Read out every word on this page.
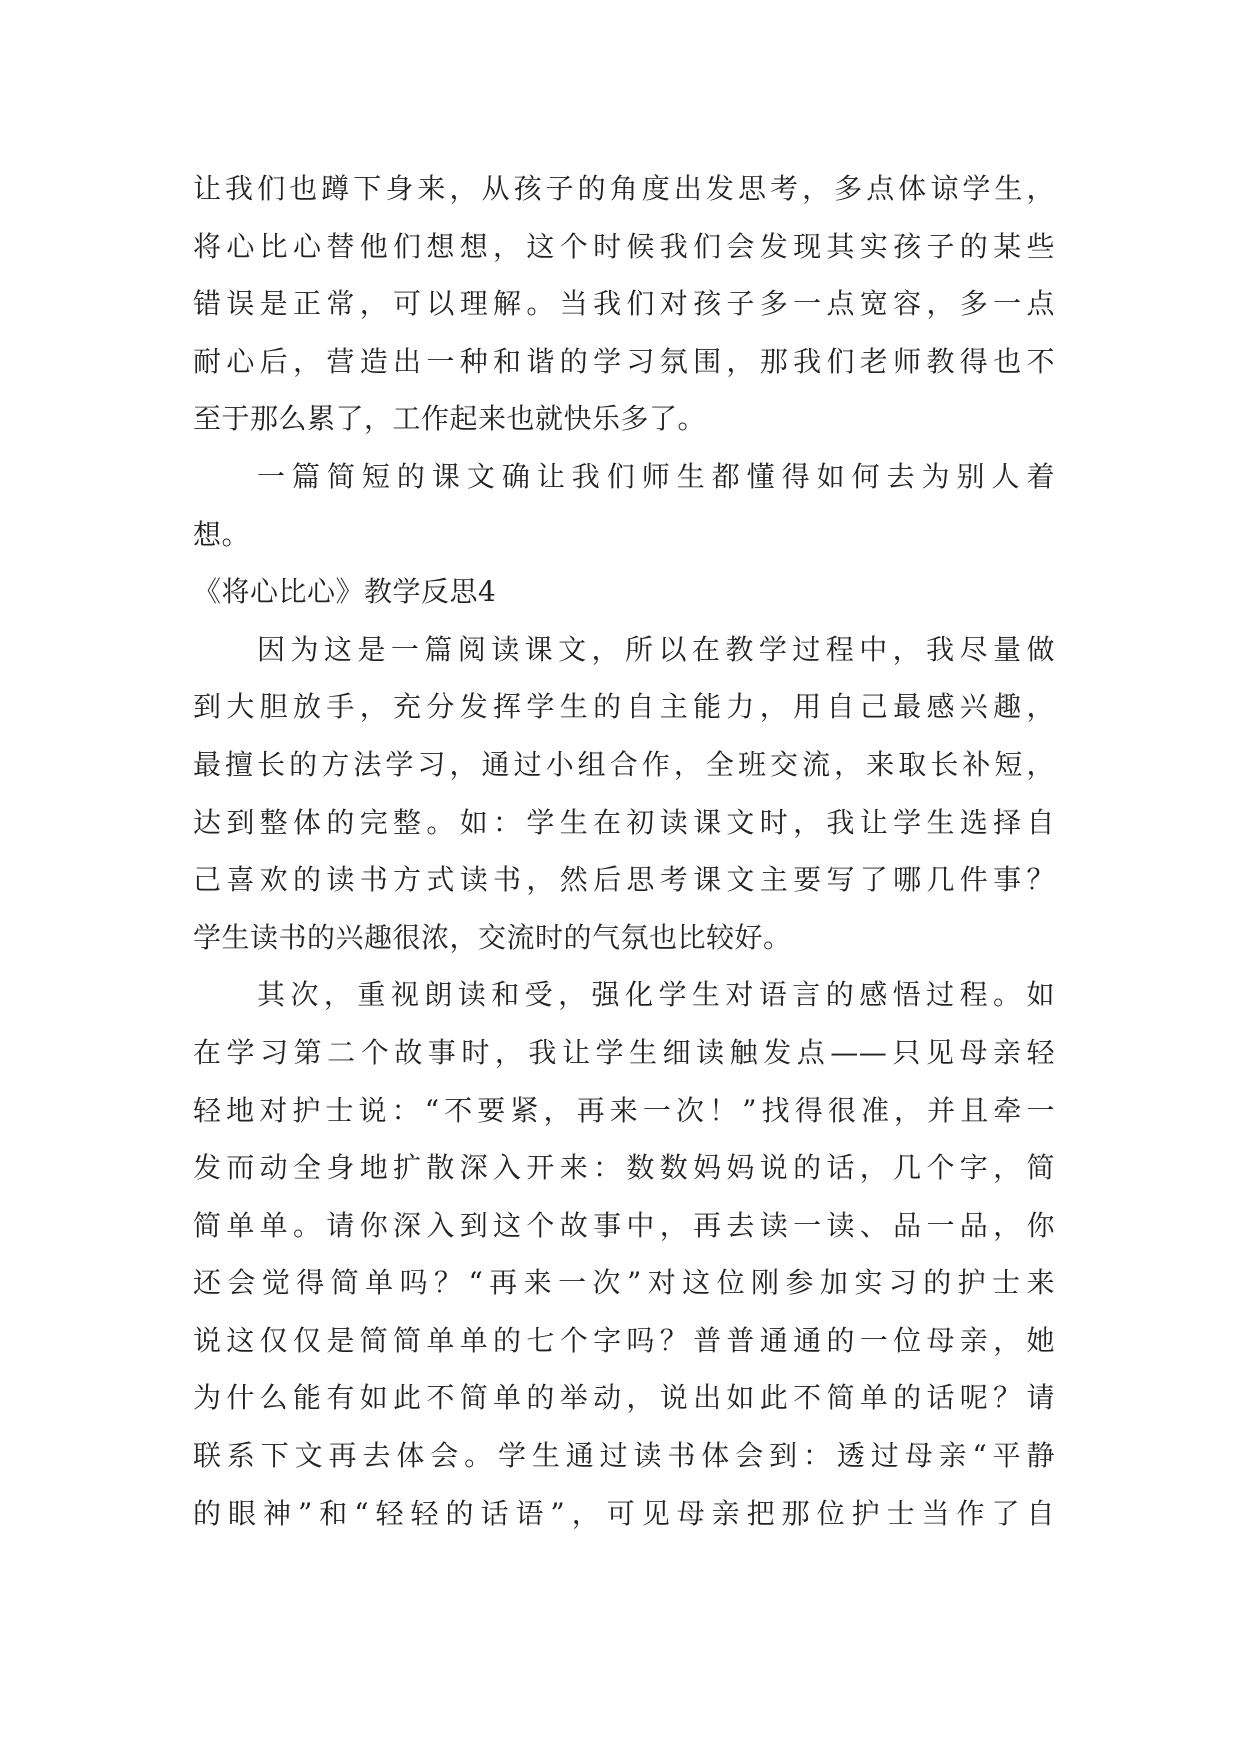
让我们也蹲下身来，从孩子的角度出发思考，多点体谅学生，
将心比心替他们想想，这个时候我们会发现其实孩子的某些
错误是正常，可以理解。当我们对孩子多一点宽容，多一点
耐心后，营造出一种和谐的学习氛围，那我们老师教得也不
至于那么累了，工作起来也就快乐多了。
一篇简短的课文确让我们师生都懂得如何去为别人着
想。
《将心比心》教学反思4
因为这是一篇阅读课文，所以在教学过程中，我尽量做
到大胆放手，充分发挥学生的自主能力，用自己最感兴趣，
最擅长的方法学习，通过小组合作，全班交流，来取长补短，
达到整体的完整。如：学生在初读课文时，我让学生选择自
己喜欢的读书方式读书，然后思考课文主要写了哪几件事？
学生读书的兴趣很浓，交流时的气氛也比较好。
其次，重视朗读和受，强化学生对语言的感悟过程。如
在学习第二个故事时，我让学生细读触发点——只见母亲轻
轻地对护士说：“不要紧，再来一次！”找得很准，并且牵一
发而动全身地扩散深入开来：数数妈妈说的话，几个字，简
简单单。请你深入到这个故事中，再去读一读、品一品，你
还会觉得简单吗？“再来一次”对这位刚参加实习的护士来
说这仅仅是简简单单的七个字吗？普普通通的一位母亲，她
为什么能有如此不简单的举动，说出如此不简单的话呢？请
联系下文再去体会。学生通过读书体会到：透过母亲“平静
的眼神”和“轻轻的话语”，可见母亲把那位护士当作了自
